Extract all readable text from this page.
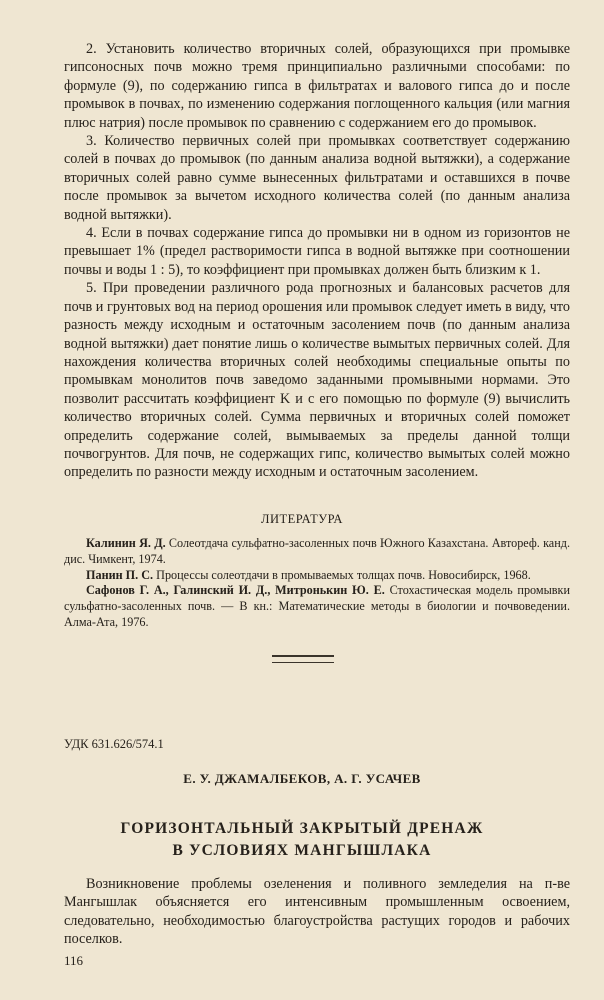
2. Установить количество вторичных солей, образующихся при промывке гипсоносных почв можно тремя принципиально различными способами: по формуле (9), по содержанию гипса в фильтратах и валового гипса до и после промывок в почвах, по изменению содержания поглощенного кальция (или магния плюс натрия) после промывок по сравнению с содержанием его до промывок.

3. Количество первичных солей при промывках соответствует содержанию солей в почвах до промывок (по данным анализа водной вытяжки), а содержание вторичных солей равно сумме вынесенных фильтратами и оставшихся в почве после промывок за вычетом исходного количества солей (по данным анализа водной вытяжки).

4. Если в почвах содержание гипса до промывки ни в одном из горизонтов не превышает 1% (предел растворимости гипса в водной вытяжке при соотношении почвы и воды 1 : 5), то коэффициент при промывках должен быть близким к 1.

5. При проведении различного рода прогнозных и балансовых расчетов для почв и грунтовых вод на период орошения или промывок следует иметь в виду, что разность между исходным и остаточным засолением почв (по данным анализа водной вытяжки) дает понятие лишь о количестве вымытых первичных солей. Для нахождения количества вторичных солей необходимы специальные опыты по промывкам монолитов почв заведомо заданными промывными нормами. Это позволит рассчитать коэффициент K и с его помощью по формуле (9) вычислить количество вторичных солей. Сумма первичных и вторичных солей поможет определить содержание солей, вымываемых за пределы данной толщи почвогрунтов. Для почв, не содержащих гипс, количество вымытых солей можно определить по разности между исходным и остаточным засолением.

ЛИТЕРАТУРА

Калинин Я. Д. Солеотдача сульфатно-засоленных почв Южного Казахстана. Автореф. канд. дис. Чимкент, 1974.

Панин П. С. Процессы солеотдачи в промываемых толщах почв. Новосибирск, 1968.

Сафонов Г. А., Галинский И. Д., Митронькин Ю. Е. Стохастическая модель промывки сульфатно-засоленных почв. — В кн.: Математические методы в биологии и почвоведении. Алма-Ата, 1976.

УДК 631.626/574.1
Е. У. ДЖАМАЛБЕКОВ, А. Г. УСАЧЕВ
ГОРИЗОНТАЛЬНЫЙ ЗАКРЫТЫЙ ДРЕНАЖ
В УСЛОВИЯХ МАНГЫШЛАКА

Возникновение проблемы озеленения и поливного земледелия на п-ве Мангышлак объясняется его интенсивным промышленным освоением, следовательно, необходимостью благоустройства растущих городов и рабочих поселков.

116
